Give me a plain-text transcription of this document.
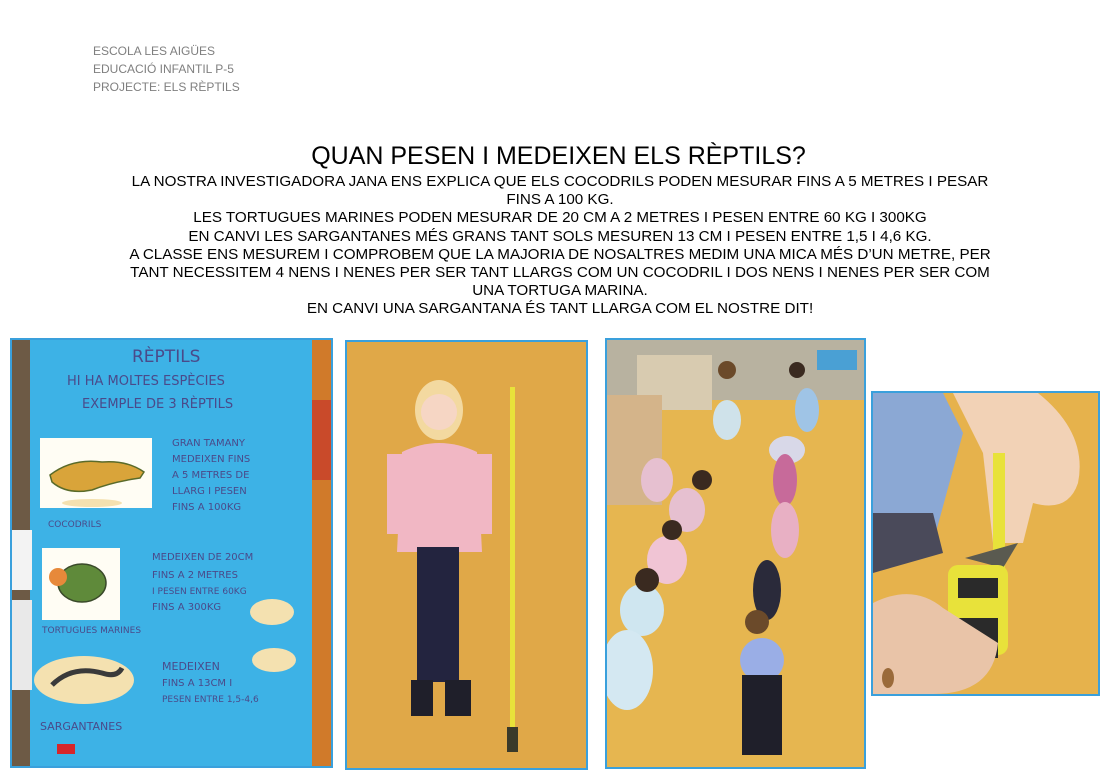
ESCOLA LES AIGÜES
EDUCACIÓ INFANTIL P-5
PROJECTE: ELS RÈPTILS
QUAN PESEN I MEDEIXEN ELS RÈPTILS?
LA NOSTRA INVESTIGADORA JANA ENS EXPLICA QUE ELS COCODRILS PODEN MESURAR FINS A 5 METRES I PESAR
FINS A 100 KG.
LES TORTUGUES MARINES PODEN MESURAR DE 20 CM A 2 METRES I PESEN ENTRE 60 KG I 300KG
EN CANVI LES SARGANTANES MÉS GRANS TANT SOLS MESUREN 13 CM I PESEN ENTRE 1,5 I 4,6 KG.
A CLASSE ENS MESUREM I COMPROBEM QUE LA MAJORIA DE NOSALTRES MEDIM UNA MICA MÉS D’UN METRE, PER
TANT NECESSITEM 4 NENS I NENES PER SER TANT LLARGS COM UN COCODRIL I DOS NENS I NENES PER SER COM
UNA TORTUGA MARINA.
EN CANVI UNA SARGANTANA ÉS TANT LLARGA COM EL NOSTRE DIT!
RÈPTILS
HI HA MOLTES ESPÈCIES
EXEMPLE DE 3 RÈPTILS
GRAN TAMANY
MEDEIXEN FINS
A 5 METRES DE
LLARG I PESEN
FINS A 100KG
COCODRILS
MEDEIXEN DE 20CM
FINS A 2 METRES
I PESEN ENTRE 60KG
FINS A 300KG
TORTUGUES MARINES
MEDEIXEN
FINS A 13CM I
PESEN ENTRE 1,5-4,6
SARGANTANES
